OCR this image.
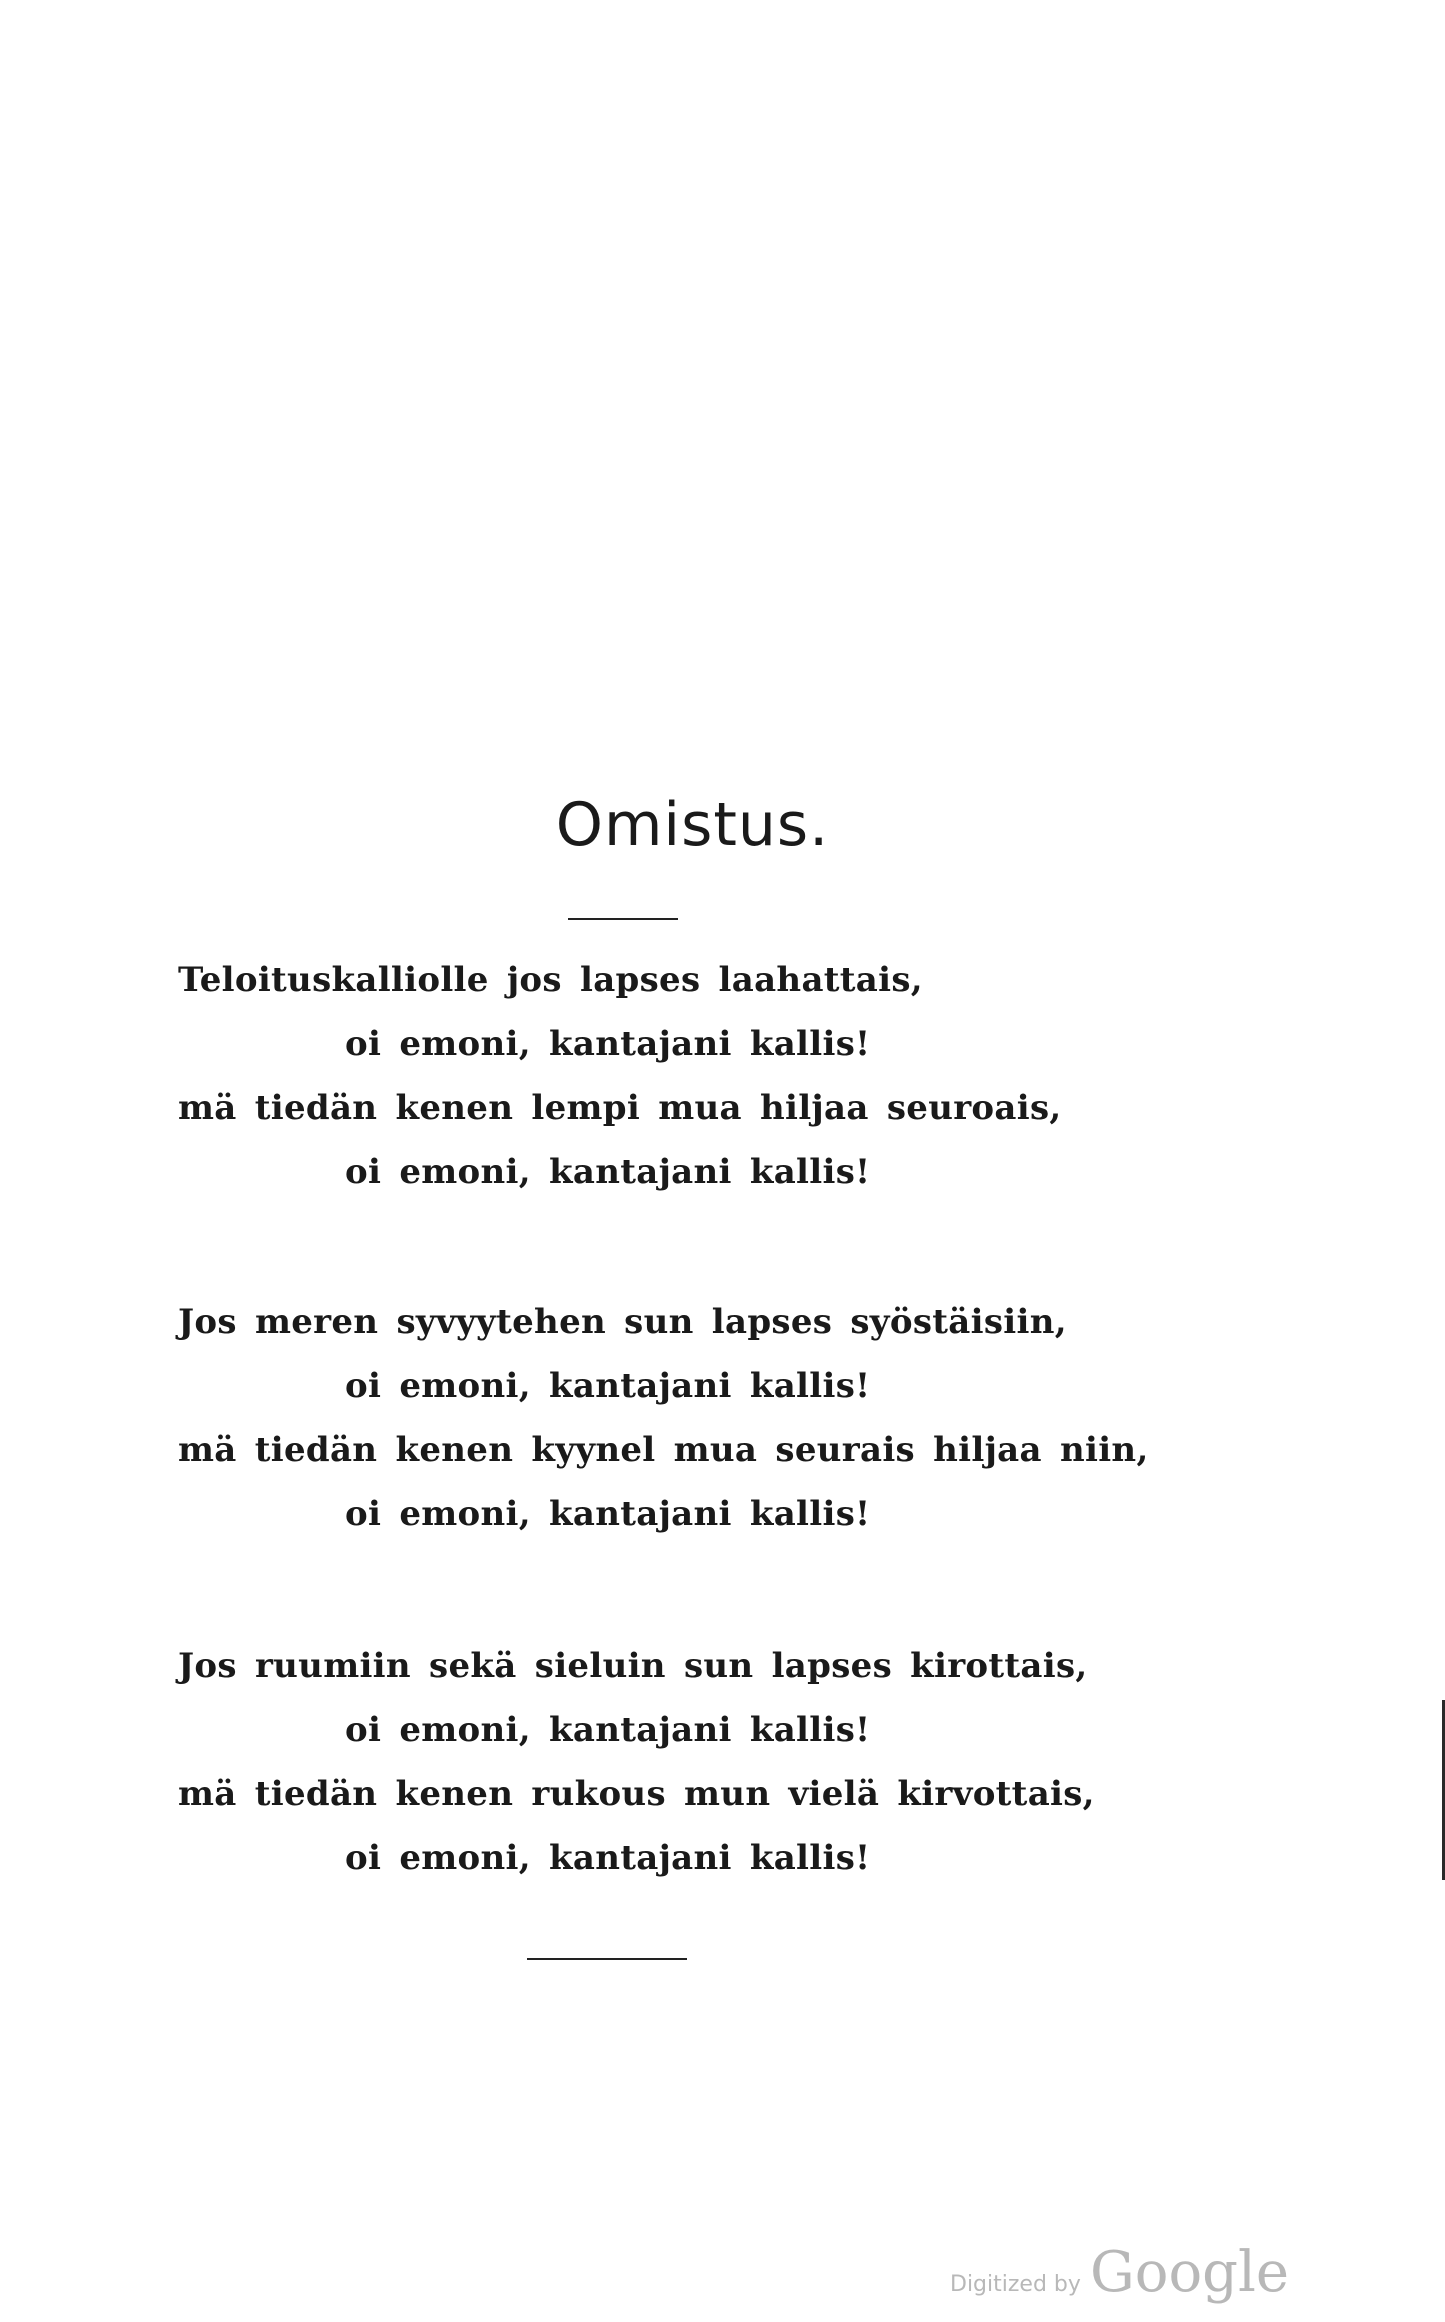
Omistus.
Teloituskalliolle jos lapses laahattais,
oi emoni, kantajani kallis!
mä tiedän kenen lempi mua hiljaa seuroais,
oi emoni, kantajani kallis!
Jos meren syvyytehen sun lapses syöstäisiin,
oi emoni, kantajani kallis!
mä tiedän kenen kyynel mua seurais hiljaa niin,
oi emoni, kantajani kallis!
Jos ruumiin sekä sieluin sun lapses kirottais,
oi emoni, kantajani kallis!
mä tiedän kenen rukous mun vielä kirvottais,
oi emoni, kantajani kallis!
Digitized by Google
